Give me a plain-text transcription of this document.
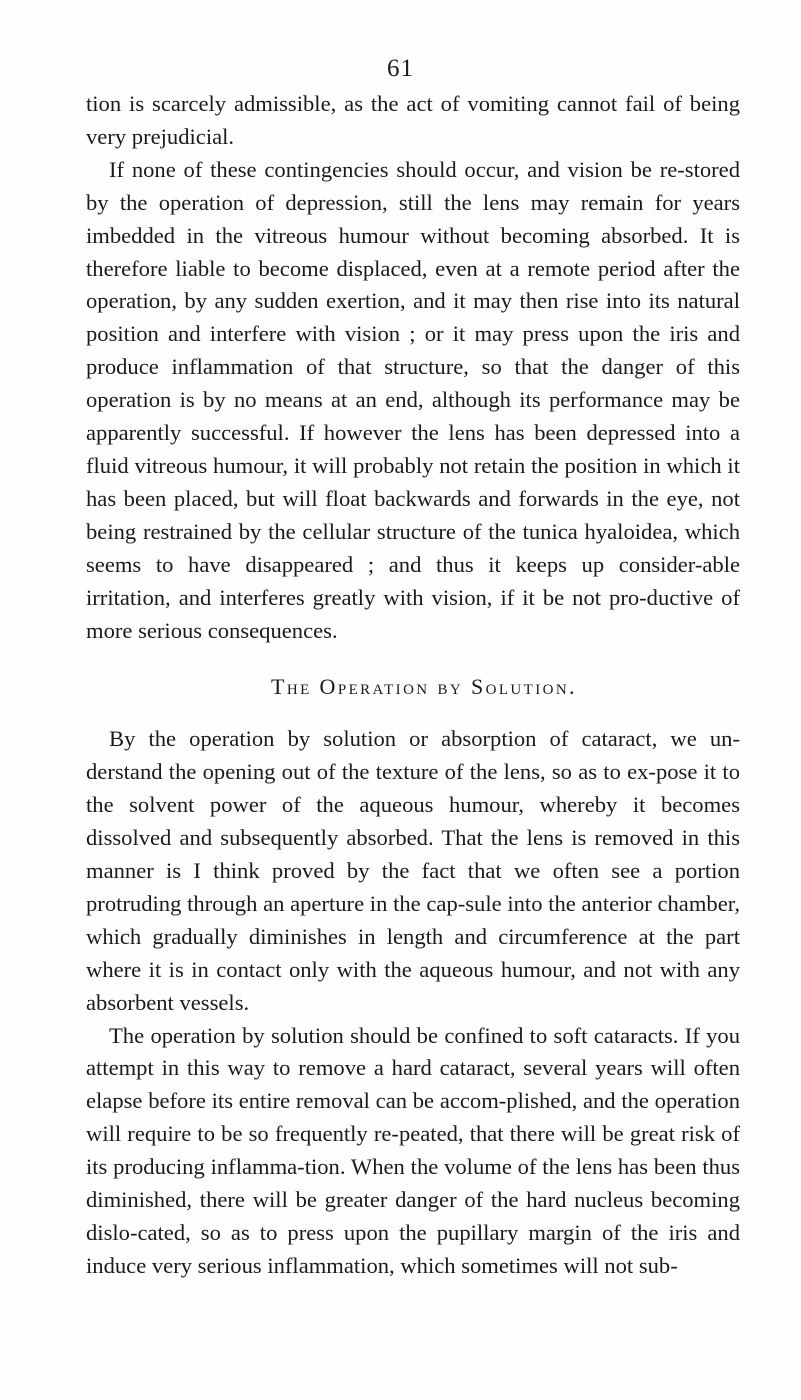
61

tion is scarcely admissible, as the act of vomiting cannot fail of being very prejudicial.

If none of these contingencies should occur, and vision be re-stored by the operation of depression, still the lens may remain for years imbedded in the vitreous humour without becoming absorbed. It is therefore liable to become displaced, even at a remote period after the operation, by any sudden exertion, and it may then rise into its natural position and interfere with vision ; or it may press upon the iris and produce inflammation of that structure, so that the danger of this operation is by no means at an end, although its performance may be apparently successful. If however the lens has been depressed into a fluid vitreous humour, it will probably not retain the position in which it has been placed, but will float backwards and forwards in the eye, not being restrained by the cellular structure of the tunica hyaloidea, which seems to have disappeared ; and thus it keeps up consider-able irritation, and interferes greatly with vision, if it be not pro-ductive of more serious consequences.

The Operation by Solution.

By the operation by solution or absorption of cataract, we un-derstand the opening out of the texture of the lens, so as to ex-pose it to the solvent power of the aqueous humour, whereby it becomes dissolved and subsequently absorbed. That the lens is removed in this manner is I think proved by the fact that we often see a portion protruding through an aperture in the cap-sule into the anterior chamber, which gradually diminishes in length and circumference at the part where it is in contact only with the aqueous humour, and not with any absorbent vessels.

The operation by solution should be confined to soft cataracts. If you attempt in this way to remove a hard cataract, several years will often elapse before its entire removal can be accom-plished, and the operation will require to be so frequently re-peated, that there will be great risk of its producing inflamma-tion. When the volume of the lens has been thus diminished, there will be greater danger of the hard nucleus becoming dislo-cated, so as to press upon the pupillary margin of the iris and induce very serious inflammation, which sometimes will not sub-
